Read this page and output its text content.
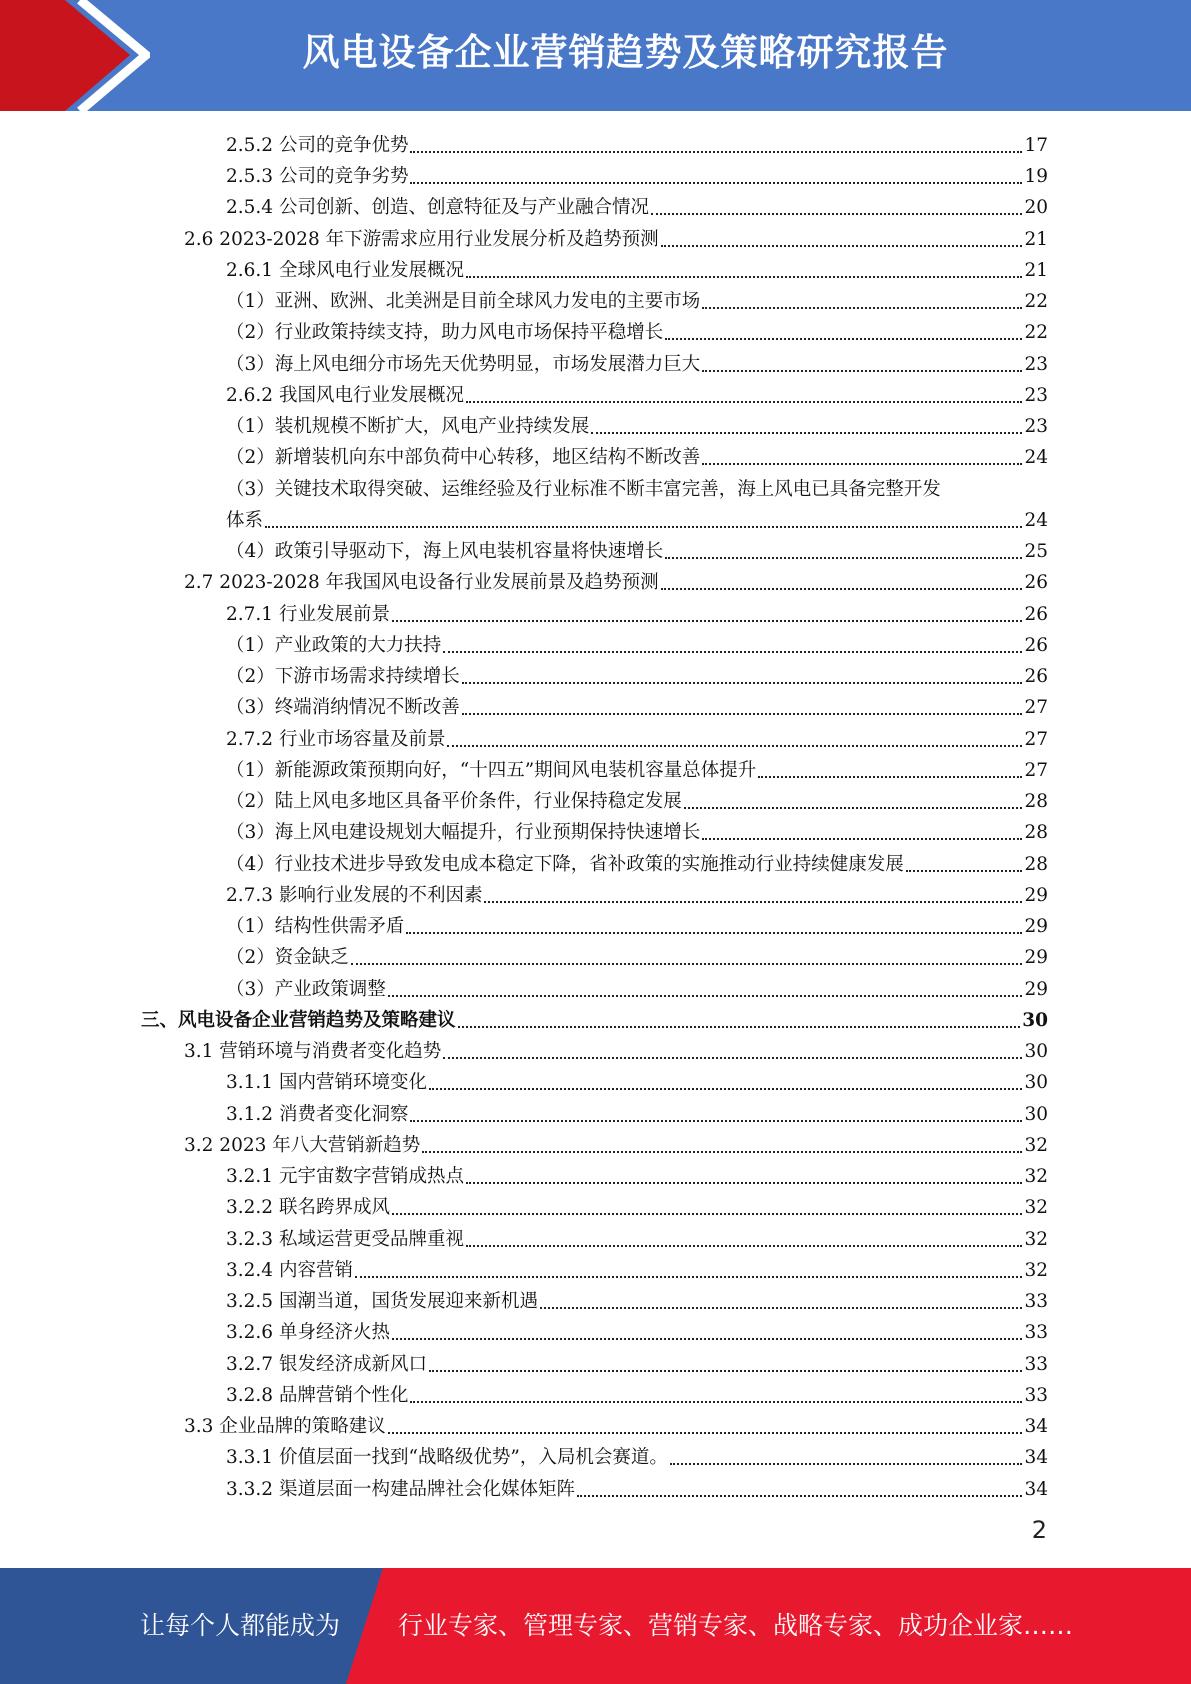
风电设备企业营销趋势及策略研究报告
2.5.2 公司的竞争优势	17
2.5.3 公司的竞争劣势	19
2.5.4 公司创新、创造、创意特征及与产业融合情况	20
2.6 2023-2028 年下游需求应用行业发展分析及趋势预测	21
2.6.1 全球风电行业发展概况	21
（1）亚洲、欧洲、北美洲是目前全球风力发电的主要市场	22
（2）行业政策持续支持，助力风电市场保持平稳增长	22
（3）海上风电细分市场先天优势明显，市场发展潜力巨大	23
2.6.2 我国风电行业发展概况	23
（1）装机规模不断扩大，风电产业持续发展	23
（2）新增装机向东中部负荷中心转移，地区结构不断改善	24
（3）关键技术取得突破、运维经验及行业标准不断丰富完善，海上风电已具备完整开发
体系	24
（4）政策引导驱动下，海上风电装机容量将快速增长	25
2.7 2023-2028 年我国风电设备行业发展前景及趋势预测	26
2.7.1 行业发展前景	26
（1）产业政策的大力扶持	26
（2）下游市场需求持续增长	26
（3）终端消纳情况不断改善	27
2.7.2 行业市场容量及前景	27
（1）新能源政策预期向好，“十四五”期间风电装机容量总体提升	27
（2）陆上风电多地区具备平价条件，行业保持稳定发展	28
（3）海上风电建设规划大幅提升，行业预期保持快速增长	28
（4）行业技术进步导致发电成本稳定下降，省补政策的实施推动行业持续健康发展	28
2.7.3 影响行业发展的不利因素	29
（1）结构性供需矛盾	29
（2）资金缺乏	29
（3）产业政策调整	29
三、风电设备企业营销趋势及策略建议	30
3.1 营销环境与消费者变化趋势	30
3.1.1 国内营销环境变化	30
3.1.2 消费者变化洞察	30
3.2 2023 年八大营销新趋势	32
3.2.1 元宇宙数字营销成热点	32
3.2.2 联名跨界成风	32
3.2.3 私域运营更受品牌重视	32
3.2.4 内容营销	32
3.2.5 国潮当道，国货发展迎来新机遇	33
3.2.6 单身经济火热	33
3.2.7 银发经济成新风口	33
3.2.8 品牌营销个性化	33
3.3 企业品牌的策略建议	34
3.3.1 价值层面一找到“战略级优势”，入局机会赛道。	34
3.3.2 渠道层面一构建品牌社会化媒体矩阵	34
2
让每个人都能成为 行业专家、管理专家、营销专家、战略专家、成功企业家……
